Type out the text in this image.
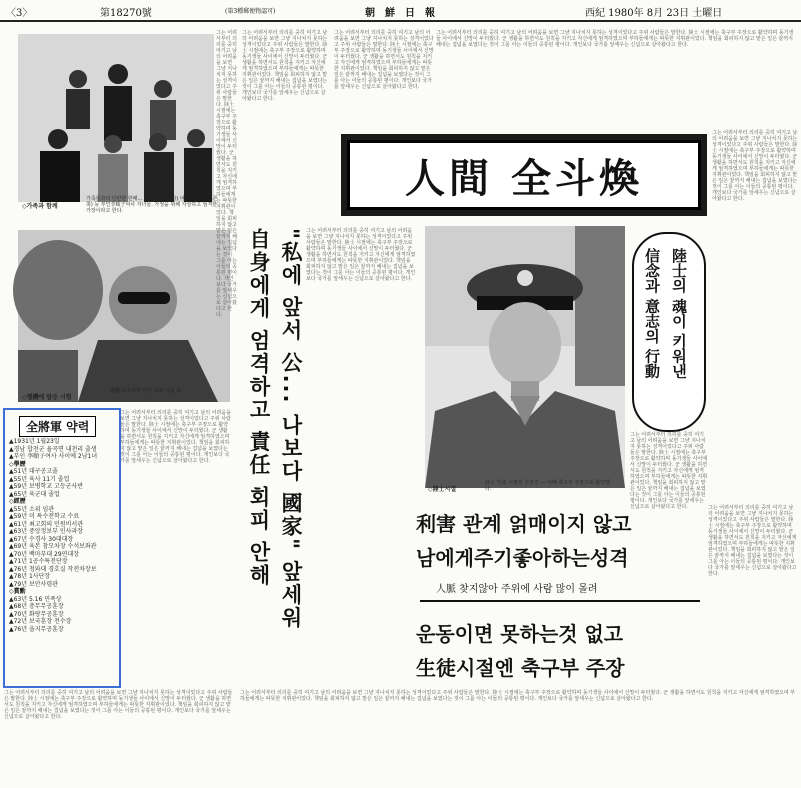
〈3〉	第18270號	(第3種郵便物認可)	朝　鮮　日　報	西紀 1980年 8月 23日 土曜日
◇가족과 함께
가족들과의 단란한 한때... 1남1녀(이하나) 어머니 韓氏(오른쪽) 등 부인李順子여사 자녀들. 가정을 위해 자상하고 엄격한 가장이라고 한다.
◇헬機에 탑승 시험
헬機 조종석에 앉아 조종 시험 중.
그는 어려서부터 의리를 중히 여기고 남의 어려움을 보면 그냥 지나치지 못하는 성격이었다고 주위 사람들은 말한다. 陸士 시절에는 축구부 주장으로 활약하며 동기생들 사이에서 신망이 두터웠다. 군 생활을 하면서도 원칙을 지키고 자신에게 엄격하였으며 부하들에게는 따뜻한 지휘관이었다. 책임을 회피하지 않고 맡은 일은 끝까지 해내는 집념을 보였다는 것이 그를 아는 이들의 공통된 평이다. 개인보다 국가를 앞세우는 신념으로 살아왔다고 한다.
全將軍 약력
▲1931년 1월23일
▲경남 합천군 율곡면 내천리 출생
▲부인 李順子여사 사이에 2남1녀
◇學歷
▲51년 대구공고졸
▲55년 육사 11기 졸업
▲59년 보병학교 고등군사반
▲65년 육군대 졸업
◇經歷
▲55년 소위 임관
▲59년 미 특수전학교 수료
▲61년 최고회의 민원비서관
▲63년 중앙정보부 인사과장
▲67년 수경사 30대대장
▲69년 육본 참모차장 수석보좌관
▲70년 백마부대 29연대장
▲71년 1공수특전단장
▲76년 청와대 경호실 작전차장보
▲78년 1사단장
▲79년 보안사령관
◇賞勳
▲63년 5.16 민족상
▲68년 충무무공훈장
▲70년 화랑무공훈장
▲72년 보국훈장 천수장
▲76년 을지무공훈장
그는 어려서부터 의리를 중히 여기고 남의 어려움을 보면 그냥 지나치지 못하는 성격이었다고 주위 사람들은 말한다. 陸士 시절에는 축구부 주장으로 활약하며 동기생들 사이에서 신망이 두터웠다. 군 생활을 하면서도 원칙을 지키고 자신에게 엄격하였으며 부하들에게는 따뜻한 지휘관이었다. 책임을 회피하지 않고 맡은 일은 끝까지 해내는 집념을 보였다는 것이 그를 아는 이들의 공통된 평이다. 개인보다 국가를 앞세우는 신념으로 살아왔다고 한다.
"私에 앞서 公... 나보다 國家" 앞세워
自身에게 엄격하고 責任 회피 안해
그는 어려서부터 의리를 중히 여기고 남의 어려움을 보면 그냥 지나치지 못하는 성격이었다고 주위 사람들은 말한다. 陸士 시절에는 축구부 주장으로 활약하며 동기생들 사이에서 신망이 두터웠다. 군 생활을 하면서도 원칙을 지키고 자신에게 엄격하였으며 부하들에게는 따뜻한 지휘관이었다. 책임을 회피하지 않고 맡은 일은 끝까지 해내는 집념을 보였다는 것이 그를 아는 이들의 공통된 평이다. 개인보다 국가를 앞세우는 신념으로 살아왔다고 한다.
그는 어려서부터 의리를 중히 여기고 남의 어려움을 보면 그냥 지나치지 못하는 성격이었다고 주위 사람들은 말한다. 陸士 시절에는 축구부 주장으로 활약하며 동기생들 사이에서 신망이 두터웠다. 군 생활을 하면서도 원칙을 지키고 자신에게 엄격하였으며 부하들에게는 따뜻한 지휘관이었다. 책임을 회피하지 않고 맡은 일은 끝까지 해내는 집념을 보였다는 것이 그를 아는 이들의 공통된 평이다. 개인보다 국가를 앞세우는 신념으로 살아왔다고 한다.
그는 어려서부터 의리를 중히 여기고 남의 어려움을 보면 그냥 지나치지 못하는 성격이었다고 주위 사람들은 말한다. 陸士 시절에는 축구부 주장으로 활약하며 동기생들 사이에서 신망이 두터웠다. 군 생활을 하면서도 원칙을 지키고 자신에게 엄격하였으며 부하들에게는 따뜻한 지휘관이었다. 책임을 회피하지 않고 맡은 일은 끝까지 해내는 집념을 보였다는 것이 그를 아는 이들의 공통된 평이다. 개인보다 국가를 앞세우는 신념으로 살아왔다고 한다.
그는 어려서부터 의리를 중히 여기고 남의 어려움을 보면 그냥 지나치지 못하는 성격이었다고 주위 사람들은 말한다. 陸士 시절에는 축구부 주장으로 활약하며 동기생들 사이에서 신망이 두터웠다. 군 생활을 하면서도 원칙을 지키고 자신에게 엄격하였으며 부하들에게는 따뜻한 지휘관이었다. 책임을 회피하지 않고 맡은 일은 끝까지 해내는 집념을 보였다는 것이 그를 아는 이들의 공통된 평이다. 개인보다 국가를 앞세우는 신념으로 살아왔다고 한다.
人間 全斗煥
그는 어려서부터 의리를 중히 여기고 남의 어려움을 보면 그냥 지나치지 못하는 성격이었다고 주위 사람들은 말한다. 陸士 시절에는 축구부 주장으로 활약하며 동기생들 사이에서 신망이 두터웠다. 군 생활을 하면서도 원칙을 지키고 자신에게 엄격하였으며 부하들에게는 따뜻한 지휘관이었다. 책임을 회피하지 않고 맡은 일은 끝까지 해내는 집념을 보였다는 것이 그를 아는 이들의 공통된 평이다. 개인보다 국가를 앞세우는 신념으로 살아왔다고 한다.
그는 어려서부터 의리를 중히 여기고 남의 어려움을 보면 그냥 지나치지 못하는 성격이었다고 주위 사람들은 말한다. 陸士 시절에는 축구부 주장으로 활약하며 동기생들 사이에서 신망이 두터웠다. 군 생활을 하면서도 원칙을 지키고 자신에게 엄격하였으며 부하들에게는 따뜻한 지휘관이었다. 책임을 회피하지 않고 맡은 일은 끝까지 해내는 집념을 보였다는 것이 그를 아는 이들의 공통된 평이다. 개인보다 국가를 앞세우는 신념으로 살아왔다고 한다.
◇陸士시절
陸士 生徒 시절의 全장군 — 이때 축구부 주장으로 활약했다.
陸士의 魂이 키워낸
信念과 意志의 行動
그는 어려서부터 의리를 중히 여기고 남의 어려움을 보면 그냥 지나치지 못하는 성격이었다고 주위 사람들은 말한다. 陸士 시절에는 축구부 주장으로 활약하며 동기생들 사이에서 신망이 두터웠다. 군 생활을 하면서도 원칙을 지키고 자신에게 엄격하였으며 부하들에게는 따뜻한 지휘관이었다. 책임을 회피하지 않고 맡은 일은 끝까지 해내는 집념을 보였다는 것이 그를 아는 이들의 공통된 평이다. 개인보다 국가를 앞세우는 신념으로 살아왔다고 한다.
利害 관계 얽매이지 않고
남에게주기좋아하는성격
人脈 찾지않아 주위에 사람 많이 몰려
운동이면 못하는것 없고
生徒시절엔 축구부 주장
그는 어려서부터 의리를 중히 여기고 남의 어려움을 보면 그냥 지나치지 못하는 성격이었다고 주위 사람들은 말한다. 陸士 시절에는 축구부 주장으로 활약하며 동기생들 사이에서 신망이 두터웠다. 군 생활을 하면서도 원칙을 지키고 자신에게 엄격하였으며 부하들에게는 따뜻한 지휘관이었다. 책임을 회피하지 않고 맡은 일은 끝까지 해내는 집념을 보였다는 것이 그를 아는 이들의 공통된 평이다. 개인보다 국가를 앞세우는 신념으로 살아왔다고 한다.
그는 어려서부터 의리를 중히 여기고 남의 어려움을 보면 그냥 지나치지 못하는 성격이었다고 주위 사람들은 말한다. 陸士 시절에는 축구부 주장으로 활약하며 동기생들 사이에서 신망이 두터웠다. 군 생활을 하면서도 원칙을 지키고 자신에게 엄격하였으며 부하들에게는 따뜻한 지휘관이었다. 책임을 회피하지 않고 맡은 일은 끝까지 해내는 집념을 보였다는 것이 그를 아는 이들의 공통된 평이다. 개인보다 국가를 앞세우는 신념으로 살아왔다고 한다.
